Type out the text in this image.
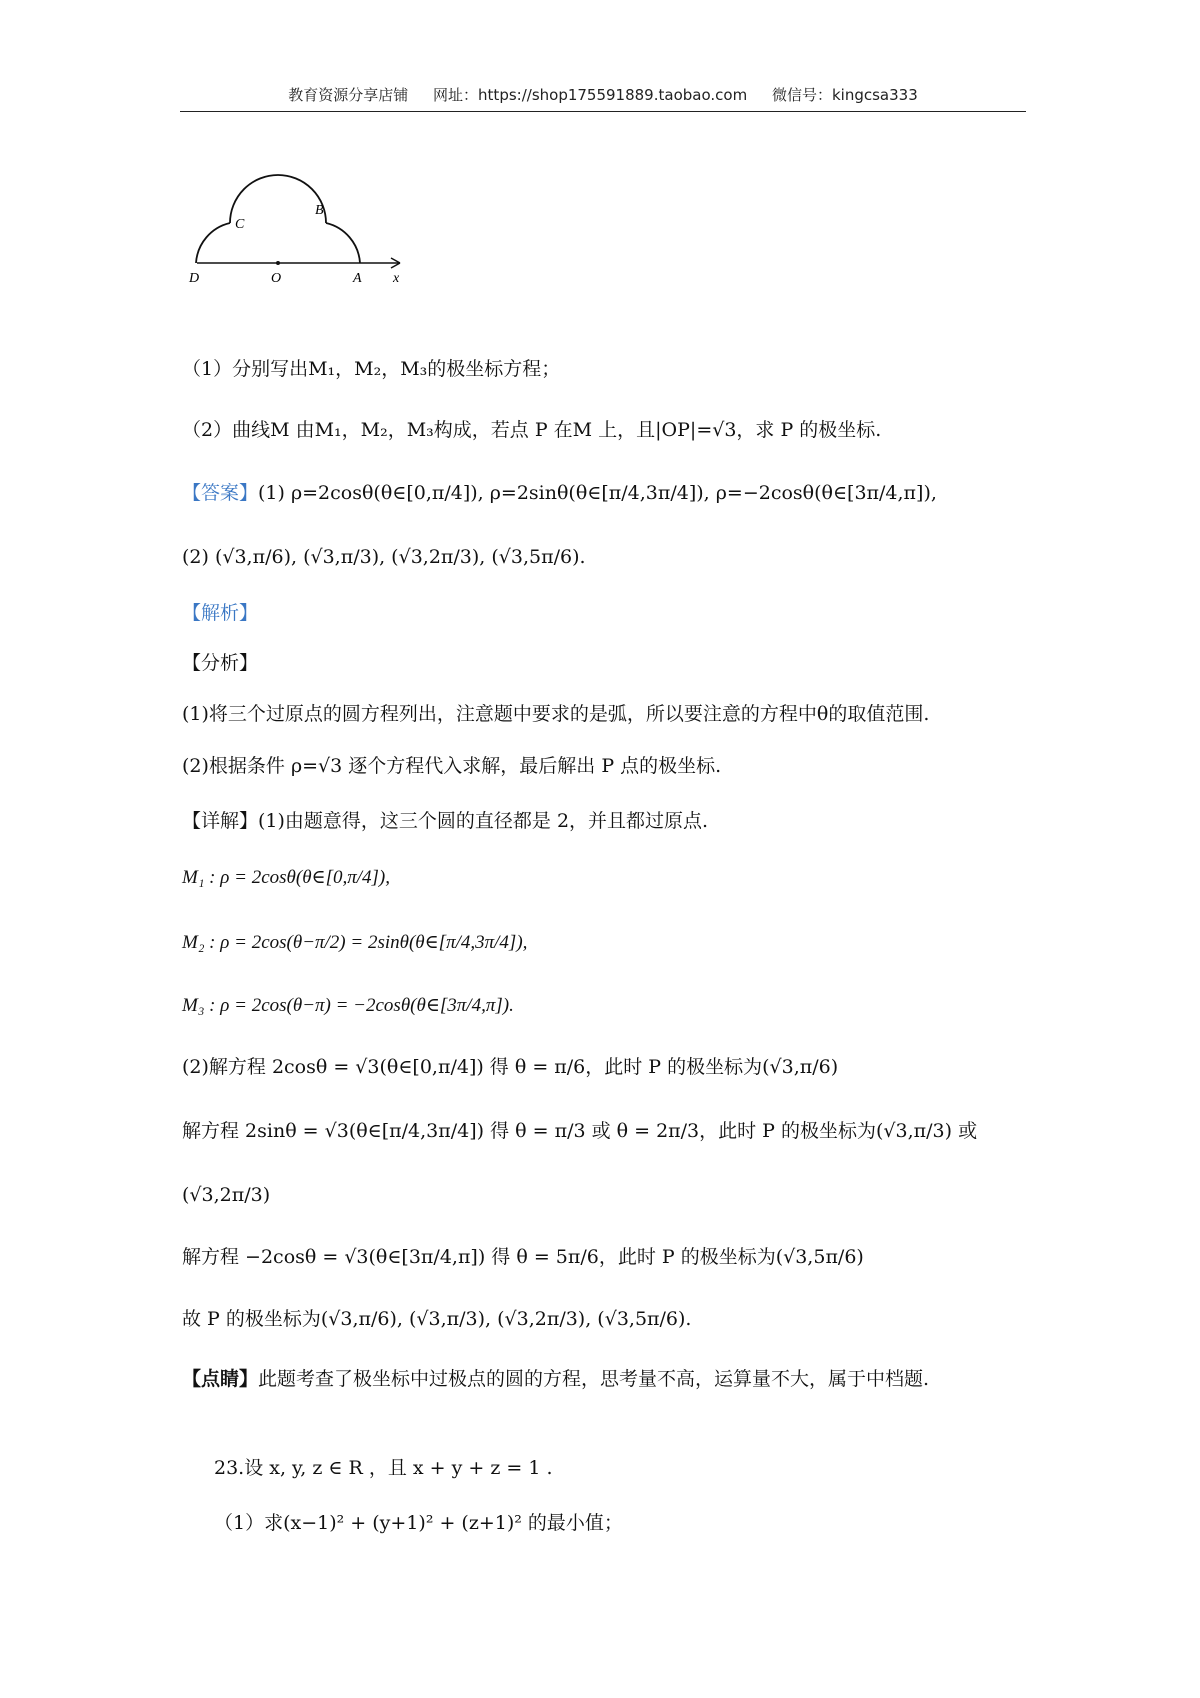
教育资源分享店铺 网址：https://shop175591889.taobao.com 微信号：kingcsa333
C
B
D	O	A x
（1）分别写出M₁，M₂，M₃的极坐标方程；
（2）曲线M 由M₁，M₂，M₃构成，若点 P 在M 上，且|OP|=√3，求 P 的极坐标.
【答案】(1) ρ=2cosθ(θ∈[0,π/4]), ρ=2sinθ(θ∈[π/4,3π/4]), ρ=−2cosθ(θ∈[3π/4,π]),
(2) (√3,π/6), (√3,π/3), (√3,2π/3), (√3,5π/6).
【解析】
【分析】
(1)将三个过原点的圆方程列出，注意题中要求的是弧，所以要注意的方程中θ的取值范围.
(2)根据条件 ρ=√3 逐个方程代入求解，最后解出 P 点的极坐标.
【详解】(1)由题意得，这三个圆的直径都是 2，并且都过原点.
M₁ : ρ = 2cosθ(θ∈[0,π/4]),
M₂ : ρ = 2cos(θ−π/2) = 2sinθ(θ∈[π/4,3π/4]),
M₃ : ρ = 2cos(θ−π) = −2cosθ(θ∈[3π/4,π]).
(2)解方程 2cosθ = √3(θ∈[0,π/4]) 得 θ = π/6，此时 P 的极坐标为(√3,π/6)
解方程 2sinθ = √3(θ∈[π/4,3π/4]) 得 θ = π/3 或 θ = 2π/3，此时 P 的极坐标为(√3,π/3) 或
(√3,2π/3)
解方程 −2cosθ = √3(θ∈[3π/4,π]) 得 θ = 5π/6，此时 P 的极坐标为(√3,5π/6)
故 P 的极坐标为(√3,π/6), (√3,π/3), (√3,2π/3), (√3,5π/6).
【点睛】此题考查了极坐标中过极点的圆的方程，思考量不高，运算量不大，属于中档题.
23.设 x, y, z ∈ R ，且 x + y + z = 1 .
（1）求(x−1)² + (y+1)² + (z+1)² 的最小值；
